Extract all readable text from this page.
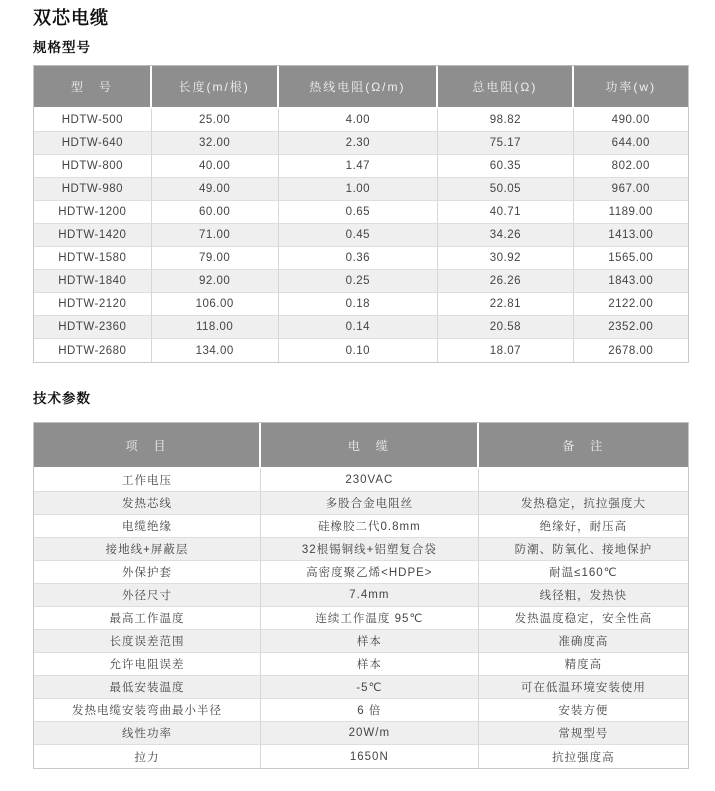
双芯电缆
规格型号
型　号	长度(m/根)	热线电阻(Ω/m)	总电阻(Ω)	功率(w)
HDTW-500	25.00	4.00	98.82	490.00
HDTW-640	32.00	2.30	75.17	644.00
HDTW-800	40.00	1.47	60.35	802.00
HDTW-980	49.00	1.00	50.05	967.00
HDTW-1200	60.00	0.65	40.71	1189.00
HDTW-1420	71.00	0.45	34.26	1413.00
HDTW-1580	79.00	0.36	30.92	1565.00
HDTW-1840	92.00	0.25	26.26	1843.00
HDTW-2120	106.00	0.18	22.81	2122.00
HDTW-2360	118.00	0.14	20.58	2352.00
HDTW-2680	134.00	0.10	18.07	2678.00
技术参数
项　目	电　缆	备　注
工作电压	230VAC	
发热芯线	多股合金电阻丝	发热稳定，抗拉强度大
电缆绝缘	硅橡胶二代0.8mm	绝缘好，耐压高
接地线+屏蔽层	32根锡铜线+铝塑复合袋	防潮、防氧化、接地保护
外保护套	高密度聚乙烯<HDPE>	耐温≤160℃
外径尺寸	7.4mm	线径粗，发热快
最高工作温度	连续工作温度 95℃	发热温度稳定，安全性高
长度误差范围	样本	准确度高
允许电阻误差	样本	精度高
最低安装温度	-5℃	可在低温环境安装使用
发热电缆安装弯曲最小半径	6 倍	安装方便
线性功率	20W/m	常规型号
拉力	1650N	抗拉强度高
